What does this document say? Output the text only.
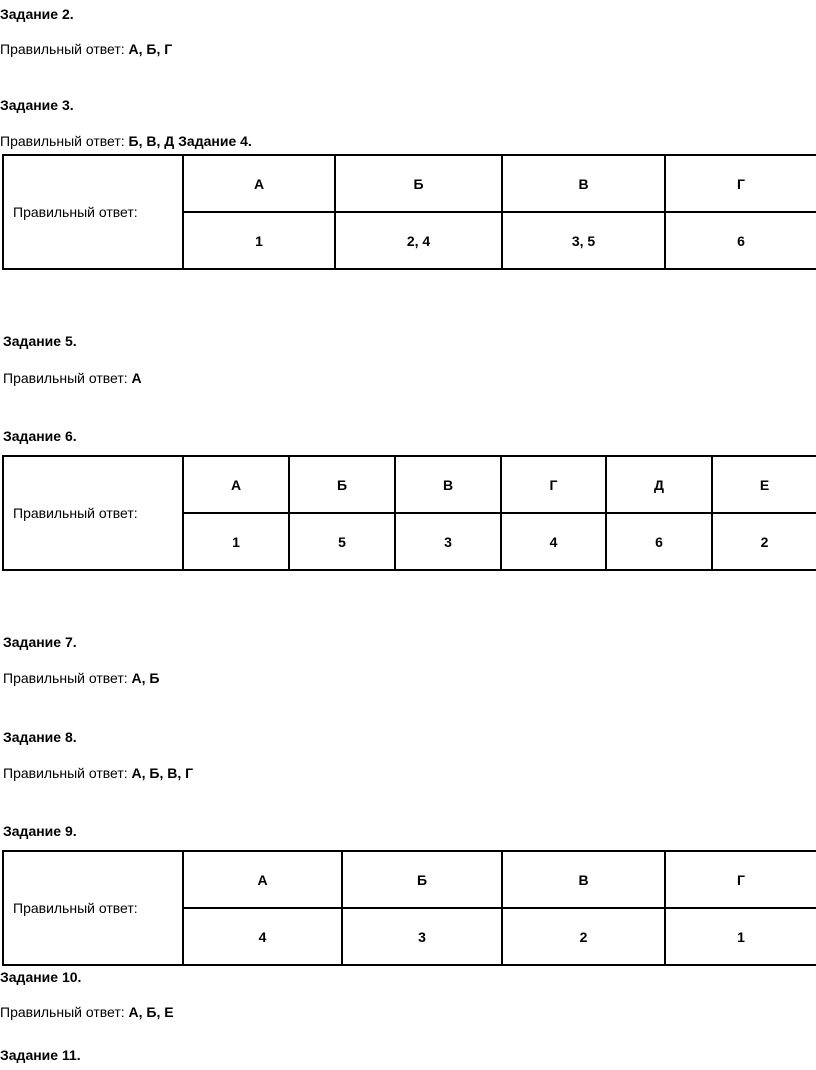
Задание 2.
Правильный ответ: А, Б, Г
Задание 3.
Правильный ответ: Б, В, Д Задание 4.
Правильный ответ:	А	Б	В	Г
	1	2, 4	3, 5	6
Задание 5.
Правильный ответ: А
Задание 6.
Правильный ответ:	А	Б	В	Г	Д	Е
	1	5	3	4	6	2
Задание 7.
Правильный ответ: А, Б
Задание 8.
Правильный ответ: А, Б, В, Г
Задание 9.
Правильный ответ:	А	Б	В	Г
	4	3	2	1
Задание 10.
Правильный ответ: А, Б, Е
Задание 11.
